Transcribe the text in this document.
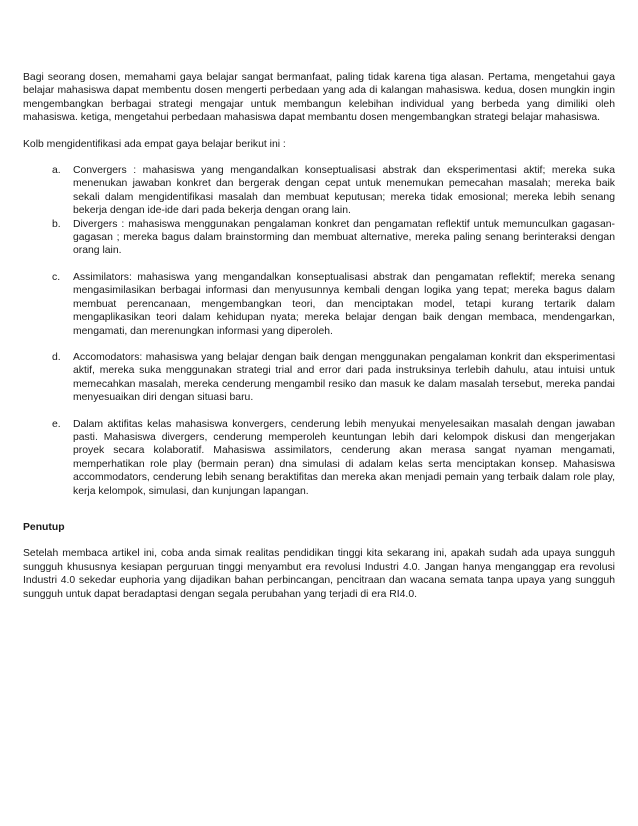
Bagi seorang dosen, memahami gaya belajar sangat bermanfaat, paling tidak karena tiga alasan. Pertama, mengetahui gaya belajar mahasiswa dapat membentu dosen mengerti perbedaan yang ada di kalangan mahasiswa. kedua, dosen mungkin ingin mengembangkan berbagai strategi mengajar untuk membangun kelebihan individual yang berbeda yang dimiliki oleh mahasiswa. ketiga, mengetahui perbedaan mahasiswa dapat membantu dosen mengembangkan strategi belajar mahasiswa.

Kolb mengidentifikasi ada empat gaya belajar berikut ini :

a. Convergers : mahasiswa yang mengandalkan konseptualisasi abstrak dan eksperimentasi aktif; mereka suka menenukan jawaban konkret dan bergerak dengan cepat untuk menemukan pemecahan masalah; mereka baik sekali dalam mengidentifikasi masalah dan membuat keputusan; mereka tidak emosional; mereka lebih senang bekerja dengan ide-ide dari pada bekerja dengan orang lain.
b. Divergers : mahasiswa menggunakan pengalaman konkret dan pengamatan reflektif untuk memunculkan gagasan-gagasan ; mereka bagus dalam brainstorming dan membuat alternative, mereka paling senang berinteraksi dengan orang lain.
c. Assimilators: mahasiswa yang mengandalkan konseptualisasi abstrak dan pengamatan reflektif; mereka senang mengasimilasikan berbagai informasi dan menyusunnya kembali dengan logika yang tepat; mereka bagus dalam membuat perencanaan, mengembangkan teori, dan menciptakan model, tetapi kurang tertarik dalam mengaplikasikan teori dalam kehidupan nyata; mereka belajar dengan baik dengan membaca, mendengarkan, mengamati, dan merenungkan informasi yang diperoleh.
d. Accomodators: mahasiswa yang belajar dengan baik dengan menggunakan pengalaman konkrit dan eksperimentasi aktif, mereka suka menggunakan strategi trial and error dari pada instruksinya terlebih dahulu, atau intuisi untuk memecahkan masalah, mereka cenderung mengambil resiko dan masuk ke dalam masalah tersebut, mereka pandai menyesuaikan diri dengan situasi baru.
e. Dalam aktifitas kelas mahasiswa konvergers, cenderung lebih menyukai menyelesaikan masalah dengan jawaban pasti. Mahasiswa divergers, cenderung memperoleh keuntungan lebih dari kelompok diskusi dan mengerjakan proyek secara kolaboratif. Mahasiswa assimilators, cenderung akan merasa sangat nyaman mengamati, memperhatikan role play (bermain peran) dna simulasi di adalam kelas serta menciptakan konsep. Mahasiswa accommodators, cenderung lebih senang beraktifitas dan mereka akan menjadi pemain yang terbaik dalam role play, kerja kelompok, simulasi, dan kunjungan lapangan.

Penutup

Setelah membaca artikel ini, coba anda simak realitas pendidikan tinggi kita sekarang ini, apakah sudah ada upaya sungguh sungguh khususnya kesiapan perguruan tinggi menyambut era revolusi Industri 4.0. Jangan hanya menganggap era revolusi Industri 4.0 sekedar euphoria yang dijadikan bahan perbincangan, pencitraan dan wacana semata tanpa upaya yang sungguh sungguh untuk dapat beradaptasi dengan segala perubahan yang terjadi di era RI4.0.
